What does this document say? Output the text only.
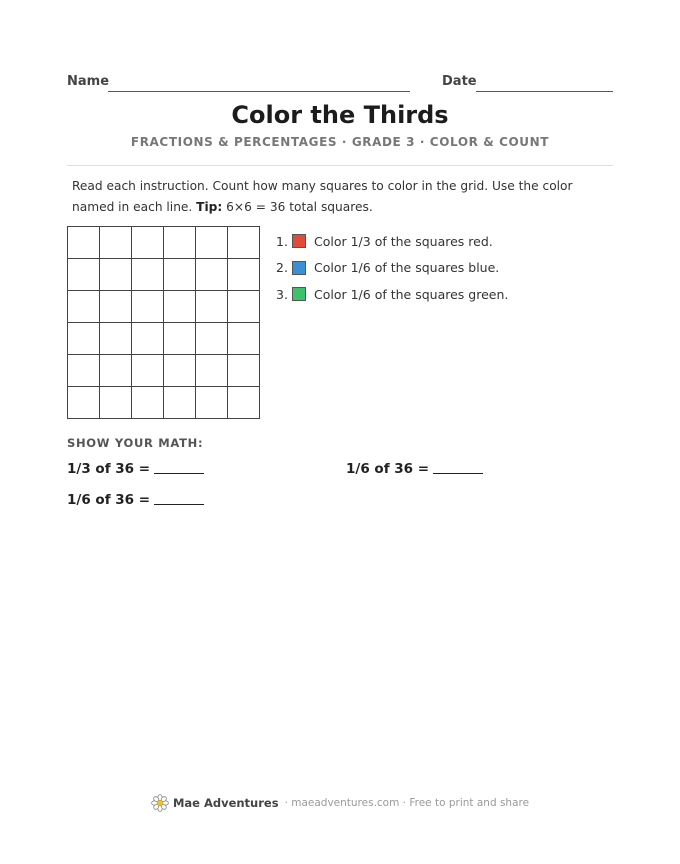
Name	Date
Color the Thirds
FRACTIONS & PERCENTAGES · GRADE 3 · COLOR & COUNT
Read each instruction. Count how many squares to color in the grid. Use the color named in each line. Tip: 6×6 = 36 total squares.
1.	Color 1/3 of the squares red.
2.	Color 1/6 of the squares blue.
3.	Color 1/6 of the squares green.
SHOW YOUR MATH:
1/3 of 36 =	1/6 of 36 =
1/6 of 36 =
Mae Adventures · maeadventures.com · Free to print and share
